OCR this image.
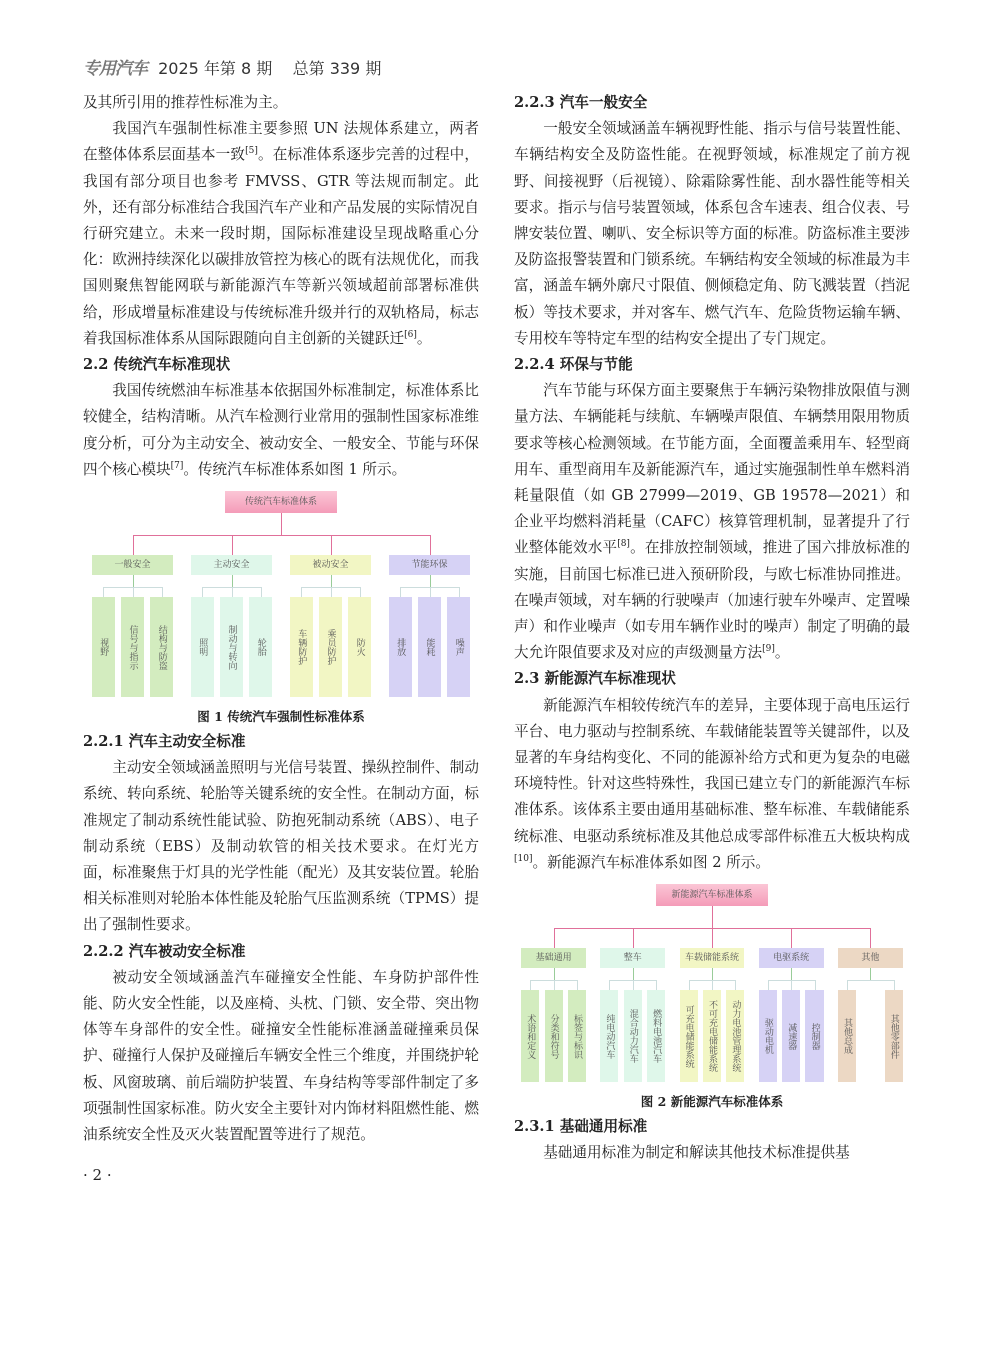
专用汽车 2025 年第 8 期 总第 339 期

及其所引用的推荐性标准为主。

我国汽车强制性标准主要参照 UN 法规体系建立，两者在整体体系层面基本一致[5]。在标准体系逐步完善的过程中，我国有部分项目也参考 FMVSS、GTR 等法规而制定。此外，还有部分标准结合我国汽车产业和产品发展的实际情况自行研究建立。未来一段时期，国际标准建设呈现战略重心分化：欧洲持续深化以碳排放管控为核心的既有法规优化，而我国则聚焦智能网联与新能源汽车等新兴领域超前部署标准供给，形成增量标准建设与传统标准升级并行的双轨格局，标志着我国标准体系从国际跟随向自主创新的关键跃迁[6]。

2.2 传统汽车标准现状

我国传统燃油车标准基本依据国外标准制定，标准体系比较健全，结构清晰。从汽车检测行业常用的强制性国家标准维度分析，可分为主动安全、被动安全、一般安全、节能与环保四个核心模块[7]。传统汽车标准体系如图 1 所示。

传统汽车标准体系
一般安全
视野	信号与指示	结构与防盗
主动安全
照明	制动与转向	轮胎
被动安全
车辆防护	乘员防护	防火
节能环保
排放	能耗	噪声
图 1 传统汽车强制性标准体系
2.2.1 汽车主动安全标准

主动安全领域涵盖照明与光信号装置、操纵控制件、制动系统、转向系统、轮胎等关键系统的安全性。在制动方面，标准规定了制动系统性能试验、防抱死制动系统（ABS）、电子制动系统（EBS）及制动软管的相关技术要求。在灯光方面，标准聚焦于灯具的光学性能（配光）及其安装位置。轮胎相关标准则对轮胎本体性能及轮胎气压监测系统（TPMS）提出了强制性要求。

2.2.2 汽车被动安全标准

被动安全领域涵盖汽车碰撞安全性能、车身防护部件性能、防火安全性能，以及座椅、头枕、门锁、安全带、突出物体等车身部件的安全性。碰撞安全性能标准涵盖碰撞乘员保护、碰撞行人保护及碰撞后车辆安全性三个维度，并围绕护轮板、风窗玻璃、前后端防护装置、车身结构等零部件制定了多项强制性国家标准。防火安全主要针对内饰材料阻燃性能、燃油系统安全性及灭火装置配置等进行了规范。

· 2 ·
2.2.3 汽车一般安全

一般安全领域涵盖车辆视野性能、指示与信号装置性能、车辆结构安全及防盗性能。在视野领域，标准规定了前方视野、间接视野（后视镜）、除霜除雾性能、刮水器性能等相关要求。指示与信号装置领域，体系包含车速表、组合仪表、号牌安装位置、喇叭、安全标识等方面的标准。防盗标准主要涉及防盗报警装置和门锁系统。车辆结构安全领域的标准最为丰富，涵盖车辆外廓尺寸限值、侧倾稳定角、防飞溅装置（挡泥板）等技术要求，并对客车、燃气汽车、危险货物运输车辆、专用校车等特定车型的结构安全提出了专门规定。

2.2.4 环保与节能

汽车节能与环保方面主要聚焦于车辆污染物排放限值与测量方法、车辆能耗与续航、车辆噪声限值、车辆禁用限用物质要求等核心检测领域。在节能方面，全面覆盖乘用车、轻型商用车、重型商用车及新能源汽车，通过实施强制性单车燃料消耗量限值（如 GB 27999—2019、GB 19578—2021）和企业平均燃料消耗量（CAFC）核算管理机制，显著提升了行业整体能效水平[8]。在排放控制领域，推进了国六排放标准的实施，目前国七标准已进入预研阶段，与欧七标准协同推进。在噪声领域，对车辆的行驶噪声（加速行驶车外噪声、定置噪声）和作业噪声（如专用车辆作业时的噪声）制定了明确的最大允许限值要求及对应的声级测量方法[9]。

2.3 新能源汽车标准现状

新能源汽车相较传统汽车的差异，主要体现于高电压运行平台、电力驱动与控制系统、车载储能装置等关键部件，以及显著的车身结构变化、不同的能源补给方式和更为复杂的电磁环境特性。针对这些特殊性，我国已建立专门的新能源汽车标准体系。该体系主要由通用基础标准、整车标准、车载储能系统标准、电驱动系统标准及其他总成零部件标准五大板块构成[10]。新能源汽车标准体系如图 2 所示。

新能源汽车标准体系
基础通用
术语和定义	分类和符号	标签与标识
整车
纯电动汽车	混合动力汽车	燃料电池汽车
车载储能系统
可充电储能系统	不可充电储能系统	动力电池管理系统
电驱系统
驱动电机	减速器	控制器
其他
其他总成	其他零部件
图 2 新能源汽车标准体系
2.3.1 基础通用标准

基础通用标准为制定和解读其他技术标准提供基
